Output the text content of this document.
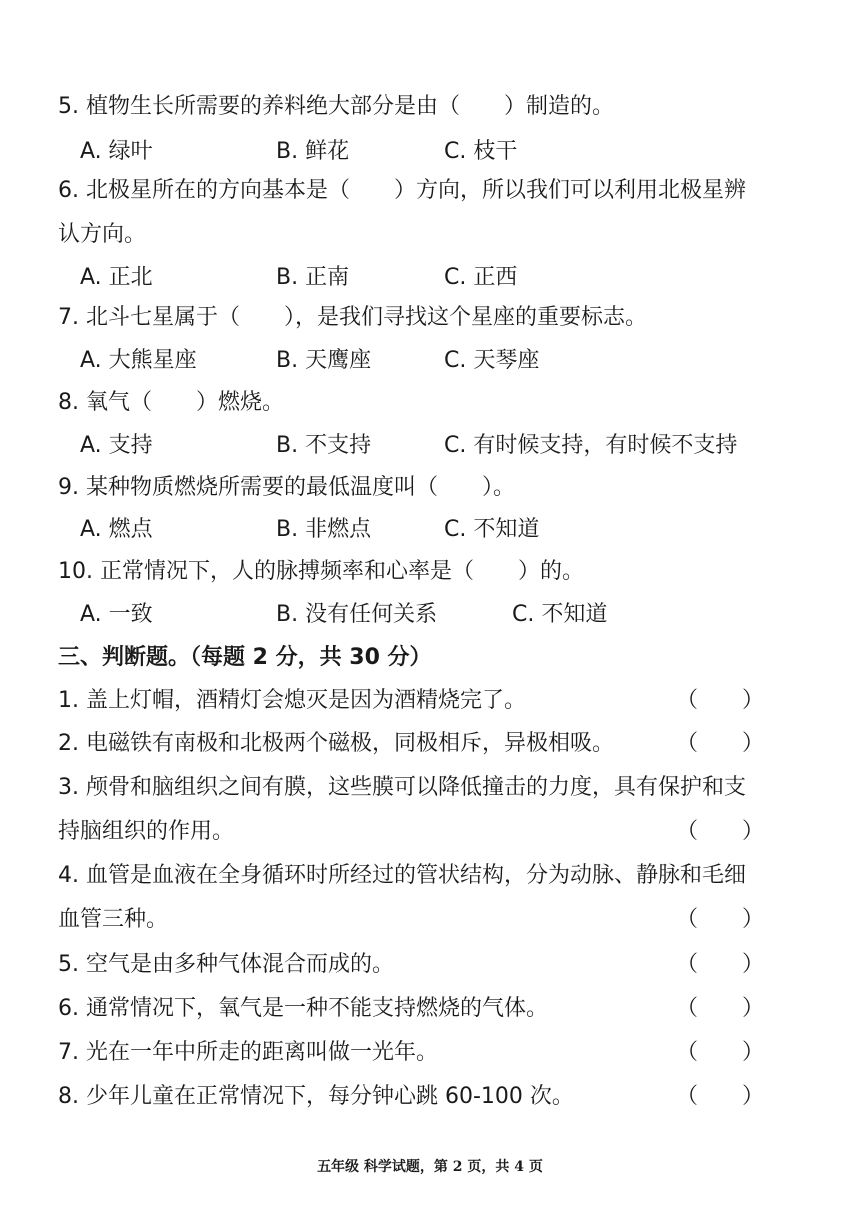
5. 植物生长所需要的养料绝大部分是由（　　）制造的。
A. 绿叶	B. 鲜花	C. 枝干
6. 北极星所在的方向基本是（　　）方向，所以我们可以利用北极星辨
认方向。
A. 正北	B. 正南	C. 正西
7. 北斗七星属于（　　），是我们寻找这个星座的重要标志。
A. 大熊星座	B. 天鹰座	C. 天琴座
8. 氧气（　　）燃烧。
A. 支持	B. 不支持	C. 有时候支持，有时候不支持
9. 某种物质燃烧所需要的最低温度叫（　　）。
A. 燃点	B. 非燃点	C. 不知道
10. 正常情况下，人的脉搏频率和心率是（　　）的。
A. 一致	B. 没有任何关系	C. 不知道
三、判断题。（每题 2 分，共 30 分）
1. 盖上灯帽，酒精灯会熄灭是因为酒精烧完了。	（　　）
2. 电磁铁有南极和北极两个磁极，同极相斥，异极相吸。	（　　）
3. 颅骨和脑组织之间有膜，这些膜可以降低撞击的力度，具有保护和支
持脑组织的作用。	（　　）
4. 血管是血液在全身循环时所经过的管状结构，分为动脉、静脉和毛细
血管三种。	（　　）
5. 空气是由多种气体混合而成的。	（　　）
6. 通常情况下，氧气是一种不能支持燃烧的气体。	（　　）
7. 光在一年中所走的距离叫做一光年。	（　　）
8. 少年儿童在正常情况下，每分钟心跳 60-100 次。	（　　）
五年级 科学试题，第 2 页，共 4 页
